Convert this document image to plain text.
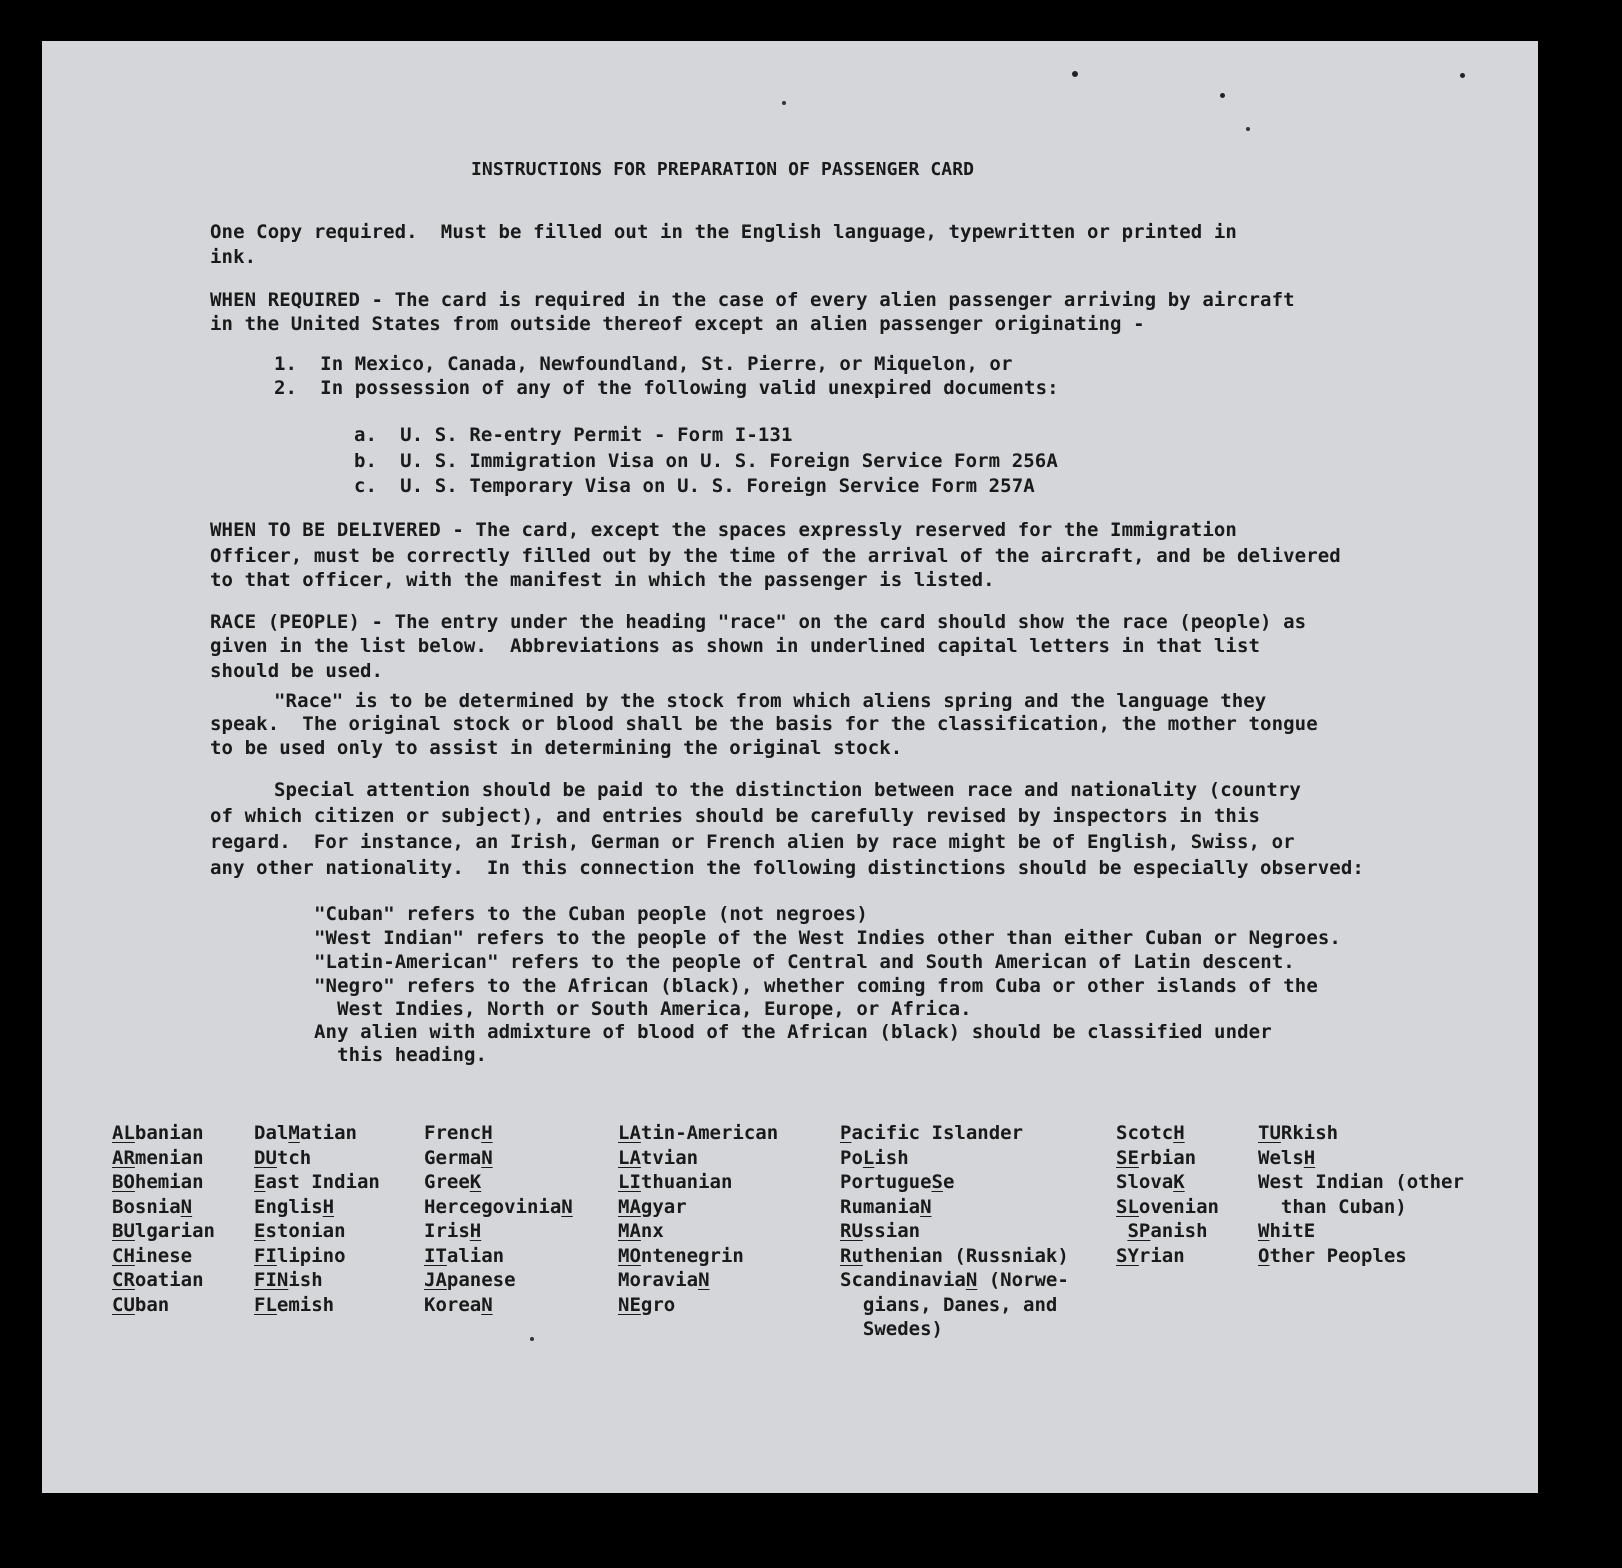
INSTRUCTIONS FOR PREPARATION OF PASSENGER CARD
One Copy required.  Must be filled out in the English language, typewritten or printed in
ink.
WHEN REQUIRED - The card is required in the case of every alien passenger arriving by aircraft
in the United States from outside thereof except an alien passenger originating -
1.  In Mexico, Canada, Newfoundland, St. Pierre, or Miquelon, or
2.  In possession of any of the following valid unexpired documents:
a.  U. S. Re-entry Permit - Form I-131
b.  U. S. Immigration Visa on U. S. Foreign Service Form 256A
c.  U. S. Temporary Visa on U. S. Foreign Service Form 257A
WHEN TO BE DELIVERED - The card, except the spaces expressly reserved for the Immigration
Officer, must be correctly filled out by the time of the arrival of the aircraft, and be delivered
to that officer, with the manifest in which the passenger is listed.
RACE (PEOPLE) - The entry under the heading "race" on the card should show the race (people) as
given in the list below.  Abbreviations as shown in underlined capital letters in that list
should be used.
"Race" is to be determined by the stock from which aliens spring and the language they
speak.  The original stock or blood shall be the basis for the classification, the mother tongue
to be used only to assist in determining the original stock.
Special attention should be paid to the distinction between race and nationality (country
of which citizen or subject), and entries should be carefully revised by inspectors in this
regard.  For instance, an Irish, German or French alien by race might be of English, Swiss, or
any other nationality.  In this connection the following distinctions should be especially observed:
"Cuban" refers to the Cuban people (not negroes)
"West Indian" refers to the people of the West Indies other than either Cuban or Negroes.
"Latin-American" refers to the people of Central and South American of Latin descent.
"Negro" refers to the African (black), whether coming from Cuba or other islands of the
West Indies, North or South America, Europe, or Africa.
Any alien with admixture of blood of the African (black) should be classified under
this heading.
ALbanian
ARmenian
BOhemian
BosniaN
BUlgarian
CHinese
CRoatian
CUban
DalMatian
DUtch
East Indian
EnglisH
Estonian
FIlipino
FINish
FLemish
FrencH
GermaN
GreeK
HercegoviniaN
IrisH
ITalian
JApanese
KoreaN
LAtin-American
LAtvian
LIthuanian
MAgyar
MAnx
MOntenegrin
MoraviaN
NEgro
Pacific Islander
PoLish
PortugueSe
RumaniaN
RUssian
Ruthenian (Russniak)
ScandinaviaN (Norwe-
gians, Danes, and
Swedes)
ScotcH
SErbian
SlovaK
SLovenian
SPanish
SYrian
TURkish
WelsH
West Indian (other
than Cuban)
WhitE
Other Peoples
